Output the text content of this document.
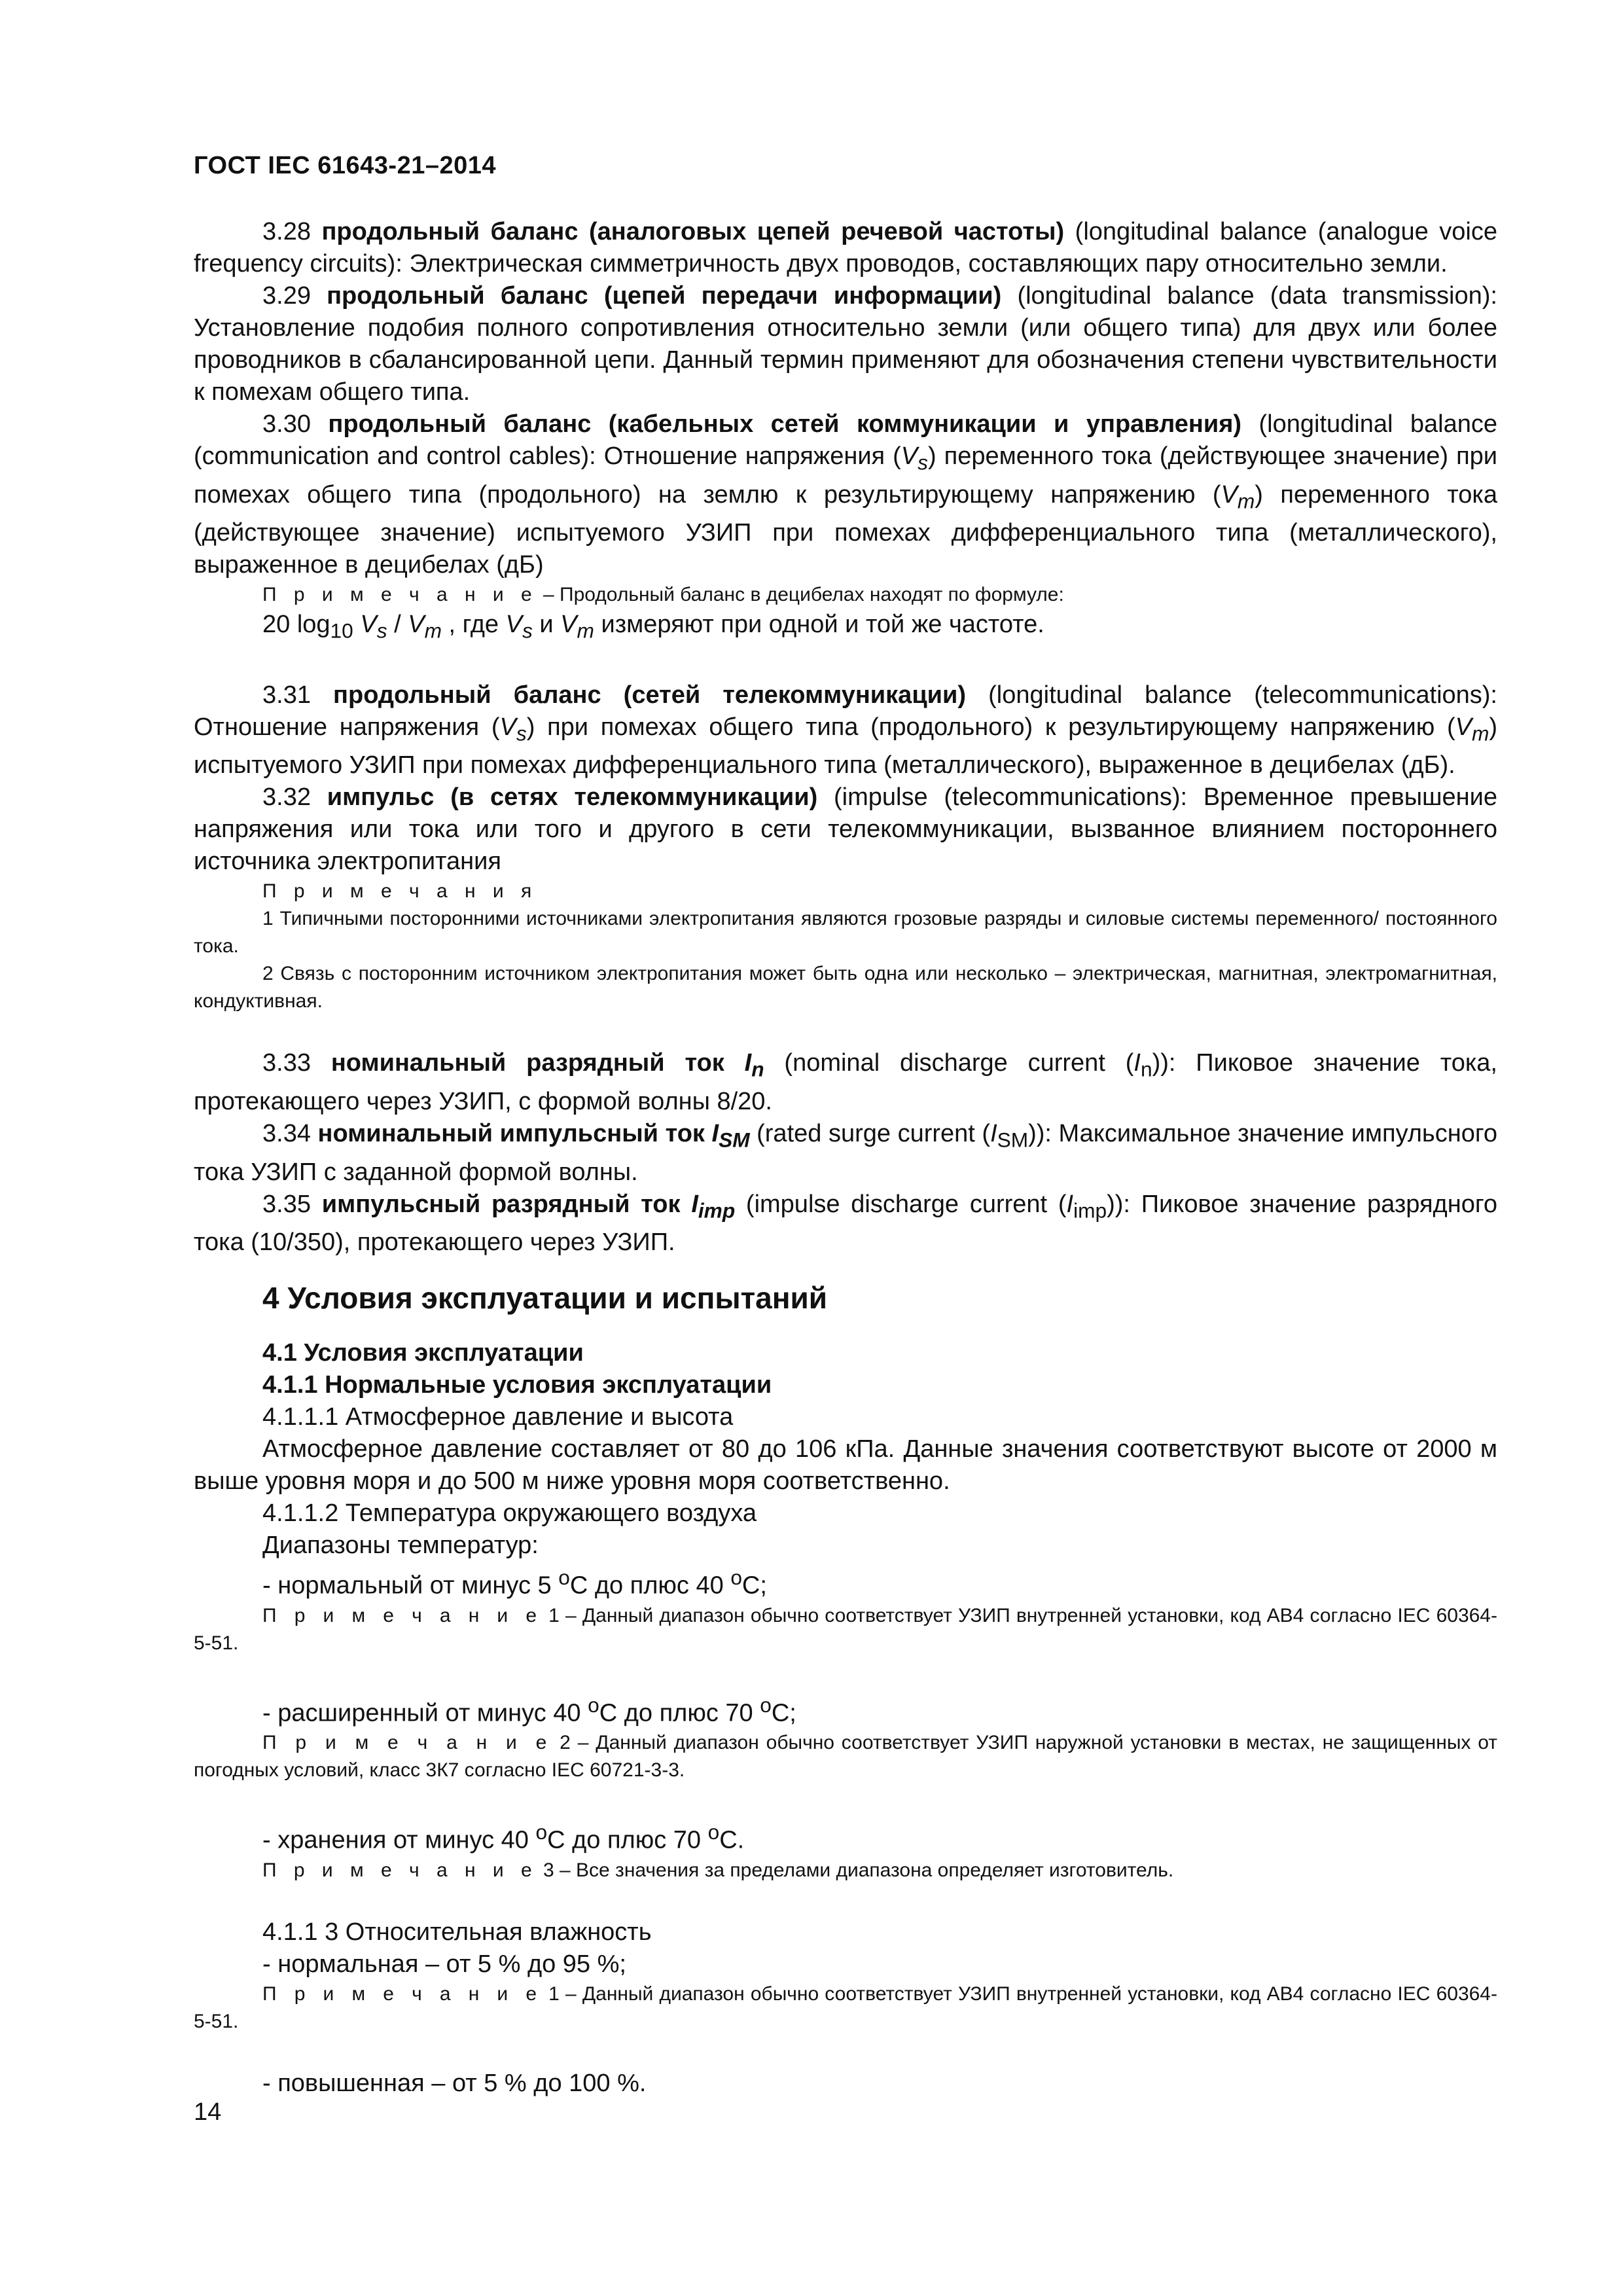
ГОСТ IEC 61643-21–2014

3.28 продольный баланс (аналоговых цепей речевой частоты) (longitudinal balance (analogue voice frequency circuits): Электрическая симметричность двух проводов, составляющих пару относительно земли.

3.29 продольный баланс (цепей передачи информации) (longitudinal balance (data transmission): Установление подобия полного сопротивления относительно земли (или общего типа) для двух или более проводников в сбалансированной цепи. Данный термин применяют для обозначения степени чувствительности к помехам общего типа.

3.30 продольный баланс (кабельных сетей коммуникации и управления) (longitudinal balance (communication and control cables): Отношение напряжения $(V_s)$ переменного тока (действующее значение) при помехах общего типа (продольного) на землю к результирующему напряжению $(V_m)$ переменного тока (действующее значение) испытуемого УЗИП при помехах дифференциального типа (металлического), выраженное в децибелах (дБ)

П р и м е ч а н и е – Продольный баланс в децибелах находят по формуле:

20 $\log_{10} V_s / V_m$ , где $V_s$ и $V_m$ измеряют при одной и той же частоте.

3.31 продольный баланс (сетей телекоммуникации) (longitudinal balance (telecommunications): Отношение напряжения $(V_s)$ при помехах общего типа (продольного) к результирующему напряжению $(V_m)$ испытуемого УЗИП при помехах дифференциального типа (металлического), выраженное в децибелах (дБ).

3.32 импульс (в сетях телекоммуникации) (impulse (telecommunications): Временное превышение напряжения или тока или того и другого в сети телекоммуникации, вызванное влиянием постороннего источника электропитания

П р и м е ч а н и я

1 Типичными посторонними источниками электропитания являются грозовые разряды и силовые системы переменного/ постоянного тока.

2 Связь с посторонним источником электропитания может быть одна или несколько – электрическая, магнитная, электромагнитная, кондуктивная.

3.33 номинальный разрядный ток $I_n$ (nominal discharge current $(I_n)$): Пиковое значение тока, протекающего через УЗИП, с формой волны 8/20.

3.34 номинальный импульсный ток $I_{SM}$ (rated surge current $(I_{SM})$): Максимальное значение импульсного тока УЗИП с заданной формой волны.

3.35 импульсный разрядный ток $I_{imp}$ (impulse discharge current $(I_{imp})$): Пиковое значение разрядного тока (10/350), протекающего через УЗИП.

4 Условия эксплуатации и испытаний

4.1 Условия эксплуатации

4.1.1 Нормальные условия эксплуатации

4.1.1.1 Атмосферное давление и высота

Атмосферное давление составляет от 80 до 106 кПа. Данные значения соответствуют высоте от 2000 м выше уровня моря и до 500 м ниже уровня моря соответственно.

4.1.1.2 Температура окружающего воздуха

Диапазоны температур:

- нормальный от минус 5 $^o$С до плюс 40 $^o$С;

П р и м е ч а н и е 1 – Данный диапазон обычно соответствует УЗИП внутренней установки, код АВ4 согласно IEC 60364-5-51.

- расширенный от минус 40 $^o$С до плюс 70 $^o$С;

П р и м е ч а н и е 2 – Данный диапазон обычно соответствует УЗИП наружной установки в местах, не защищенных от погодных условий, класс 3К7 согласно IEC 60721-3-3.

- хранения от минус 40 $^o$С до плюс 70 $^o$С.

П р и м е ч а н и е 3 – Все значения за пределами диапазона определяет изготовитель.

4.1.1 3 Относительная влажность

- нормальная – от 5 % до 95 %;

П р и м е ч а н и е 1 – Данный диапазон обычно соответствует УЗИП внутренней установки, код АВ4 согласно IEC 60364-5-51.

- повышенная – от 5 % до 100 %.

14
